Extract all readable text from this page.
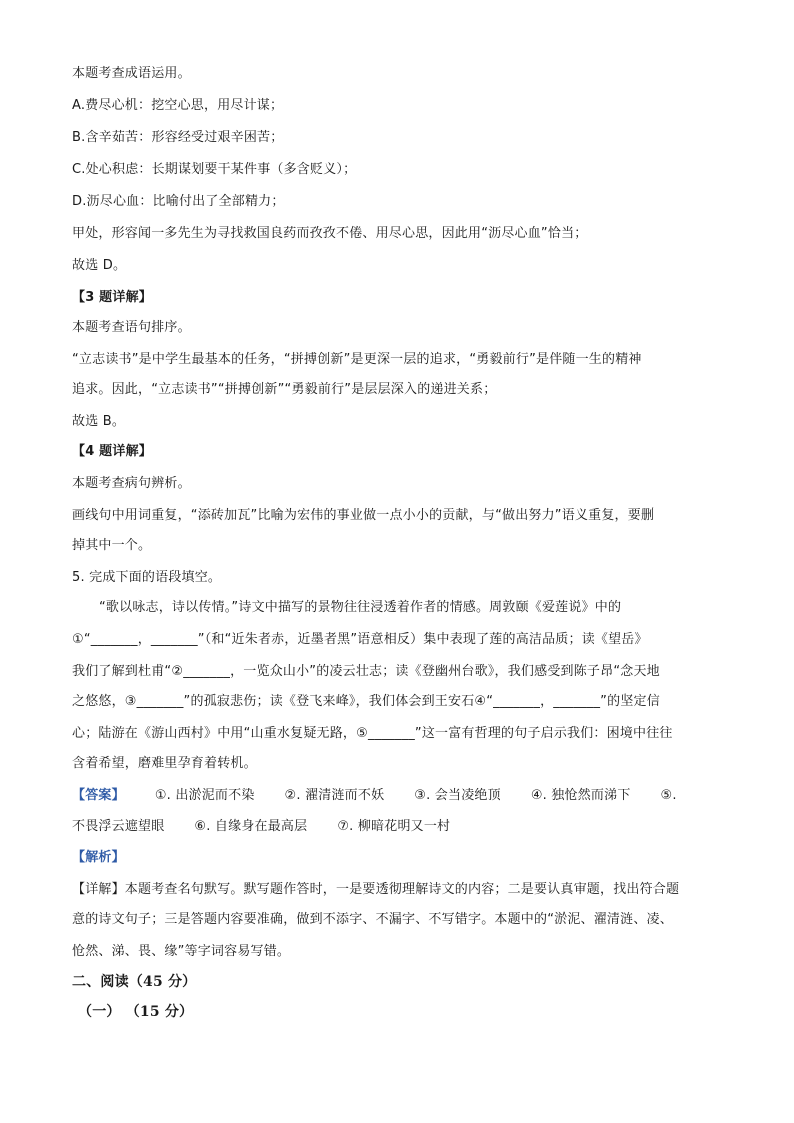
本题考查成语运用。
A.费尽心机：挖空心思，用尽计谋；
B.含辛茹苦：形容经受过艰辛困苦；
C.处心积虑：长期谋划要干某件事（多含贬义）；
D.沥尽心血：比喻付出了全部精力；
甲处，形容闻一多先生为寻找救国良药而孜孜不倦、用尽心思，因此用“沥尽心血”恰当；
故选 D。
【3 题详解】
本题考查语句排序。
“立志读书”是中学生最基本的任务，“拼搏创新”是更深一层的追求，“勇毅前行”是伴随一生的精神
追求。因此，“立志读书”“拼搏创新”“勇毅前行”是层层深入的递进关系；
故选 B。
【4 题详解】
本题考查病句辨析。
画线句中用词重复，“添砖加瓦”比喻为宏伟的事业做一点小小的贡献，与“做出努力”语义重复，要删
掉其中一个。
5. 完成下面的语段填空。
“歌以咏志，诗以传情。”诗文中描写的景物往往浸透着作者的情感。周敦颐《爱莲说》中的
①“_______，_______”（和“近朱者赤，近墨者黑”语意相反）集中表现了莲的高洁品质；读《望岳》
我们了解到杜甫“②_______，一览众山小”的凌云壮志；读《登幽州台歌》，我们感受到陈子昂“念天地
之悠悠，③_______”的孤寂悲伤；读《登飞来峰》，我们体会到王安石④“_______，_______”的坚定信
心；陆游在《游山西村》中用“山重水复疑无路，⑤_______”这一富有哲理的句子启示我们：困境中往往
含着希望，磨难里孕育着转机。
【答案】 ①. 出淤泥而不染 ②. 濯清涟而不妖 ③. 会当凌绝顶 ④. 独怆然而涕下 ⑤.
不畏浮云遮望眼 ⑥. 自缘身在最高层 ⑦. 柳暗花明又一村
【解析】
【详解】本题考查名句默写。默写题作答时，一是要透彻理解诗文的内容；二是要认真审题，找出符合题
意的诗文句子；三是答题内容要准确，做到不添字、不漏字、不写错字。本题中的“淤泥、濯清涟、凌、
怆然、涕、畏、缘”等字词容易写错。
二、阅读（45 分）
（一） （15 分）
